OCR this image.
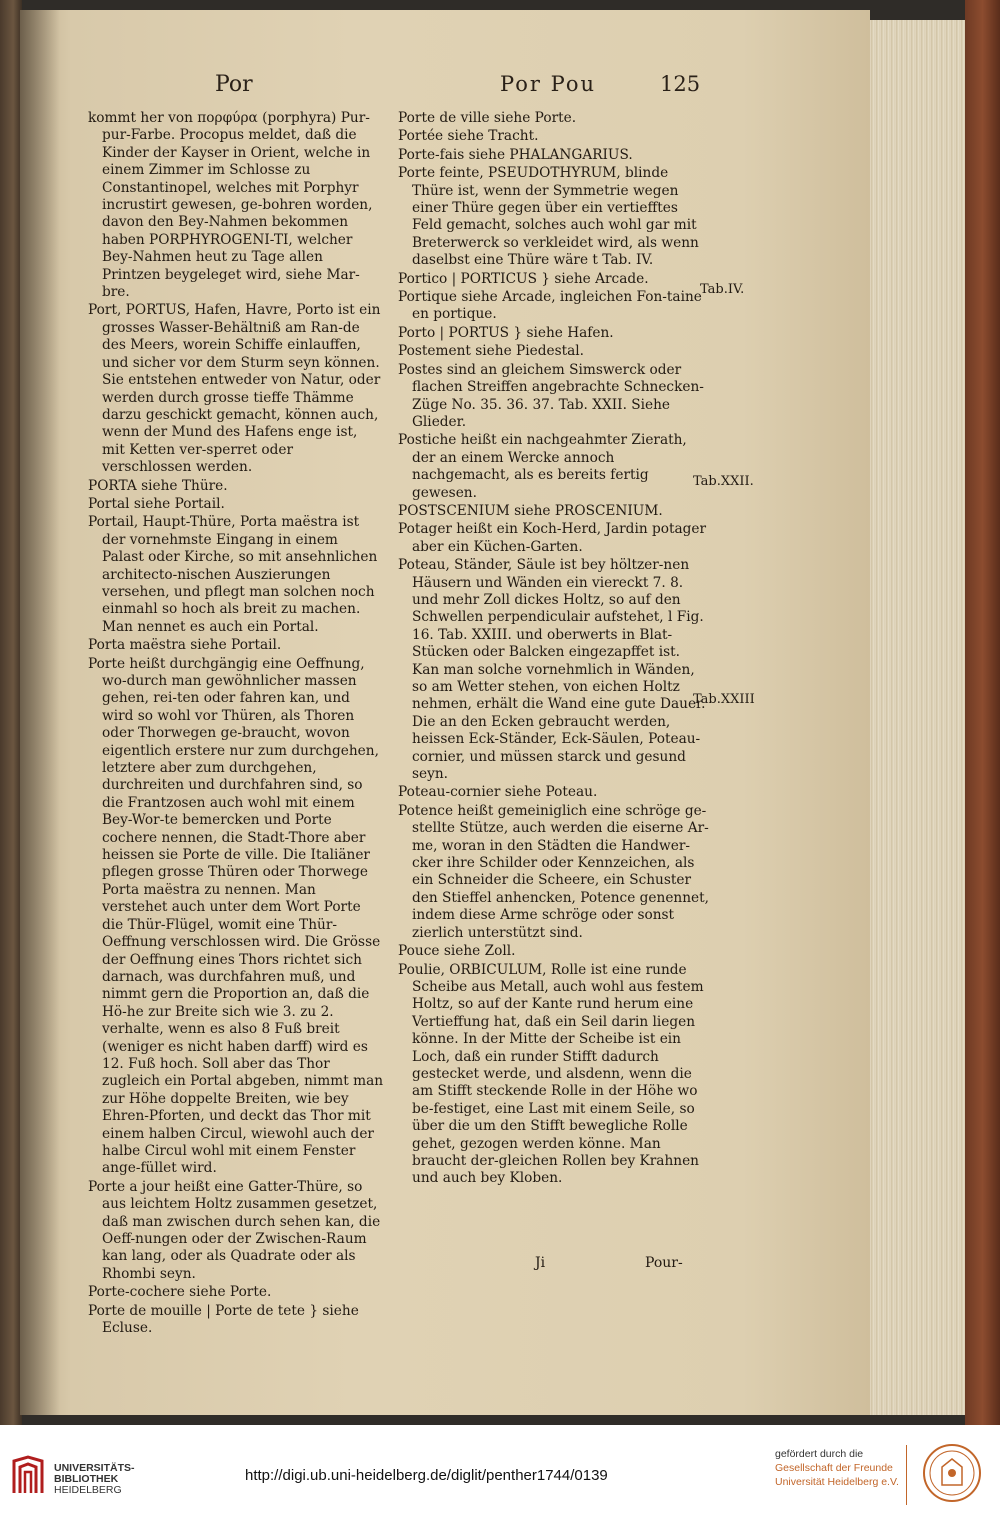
Por	Por Pou	125

kommt her von πορφύρα (porphyra) Pur-pur-Farbe. Procopus meldet, daß die Kinder der Kayser in Orient, welche in einem Zimmer im Schlosse zu Constantinopel, welches mit Porphyr incrustirt gewesen, ge-bohren worden, davon den Bey-Nahmen bekommen haben PORPHYROGENI-TI, welcher Bey-Nahmen heut zu Tage allen Printzen beygeleget wird, siehe Mar-bre.

Port, PORTUS, Hafen, Havre, Porto ist ein grosses Wasser-Behältniß am Ran-de des Meers, worein Schiffe einlauffen, und sicher vor dem Sturm seyn können. Sie entstehen entweder von Natur, oder werden durch grosse tieffe Thämme darzu geschickt gemacht, können auch, wenn der Mund des Hafens enge ist, mit Ketten ver-sperret oder verschlossen werden.

PORTA siehe Thüre.

Portal siehe Portail.

Portail, Haupt-Thüre, Porta maëstra ist der vornehmste Eingang in einem Palast oder Kirche, so mit ansehnlichen architecto-nischen Auszierungen versehen, und pflegt man solchen noch einmahl so hoch als breit zu machen. Man nennet es auch ein Portal.

Porta maëstra siehe Portail.

Porte heißt durchgängig eine Oeffnung, wo-durch man gewöhnlicher massen gehen, rei-ten oder fahren kan, und wird so wohl vor Thüren, als Thoren oder Thorwegen ge-braucht, wovon eigentlich erstere nur zum durchgehen, letztere aber zum durchgehen, durchreiten und durchfahren sind, so die Frantzosen auch wohl mit einem Bey-Wor-te bemercken und Porte cochere nennen, die Stadt-Thore aber heissen sie Porte de ville. Die Italiäner pflegen grosse Thüren oder Thorwege Porta maëstra zu nennen. Man verstehet auch unter dem Wort Porte die Thür-Flügel, womit eine Thür-Oeffnung verschlossen wird. Die Grösse der Oeffnung eines Thors richtet sich darnach, was durchfahren muß, und nimmt gern die Proportion an, daß die Hö-he zur Breite sich wie 3. zu 2. verhalte, wenn es also 8 Fuß breit (weniger es nicht haben darff) wird es 12. Fuß hoch. Soll aber das Thor zugleich ein Portal abgeben, nimmt man zur Höhe doppelte Breiten, wie bey Ehren-Pforten, und deckt das Thor mit einem halben Circul, wiewohl auch der halbe Circul wohl mit einem Fenster ange-füllet wird.

Porte a jour heißt eine Gatter-Thüre, so aus leichtem Holtz zusammen gesetzet, daß man zwischen durch sehen kan, die Oeff-nungen oder der Zwischen-Raum kan lang, oder als Quadrate oder als Rhombi seyn.

Porte-cochere siehe Porte.

Porte de mouille | Porte de tete } siehe Ecluse.

Porte de ville siehe Porte.

Portée siehe Tracht.

Porte-fais siehe PHALANGARIUS.

Porte feinte, PSEUDOTHYRUM, blinde Thüre ist, wenn der Symmetrie wegen einer Thüre gegen über ein vertiefftes Feld gemacht, solches auch wohl gar mit Breterwerck so verkleidet wird, als wenn daselbst eine Thüre wäre t Tab. IV.

Portico | PORTICUS } siehe Arcade.

Portique siehe Arcade, ingleichen Fon-taine en portique.

Porto | PORTUS } siehe Hafen.

Postement siehe Piedestal.

Postes sind an gleichem Simswerck oder flachen Streiffen angebrachte Schnecken-Züge No. 35. 36. 37. Tab. XXII. Siehe Glieder.

Postiche heißt ein nachgeahmter Zierath, der an einem Wercke annoch nachgemacht, als es bereits fertig gewesen.

POSTSCENIUM siehe PROSCENIUM.

Potager heißt ein Koch-Herd, Jardin potager aber ein Küchen-Garten.

Poteau, Ständer, Säule ist bey höltzer-nen Häusern und Wänden ein viereckt 7. 8. und mehr Zoll dickes Holtz, so auf den Schwellen perpendiculair aufstehet, l Fig. 16. Tab. XXIII. und oberwerts in Blat-Stücken oder Balcken eingezapffet ist. Kan man solche vornehmlich in Wänden, so am Wetter stehen, von eichen Holtz nehmen, erhält die Wand eine gute Dauer. Die an den Ecken gebraucht werden, heissen Eck-Ständer, Eck-Säulen, Poteau-cornier, und müssen starck und gesund seyn.

Poteau-cornier siehe Poteau.

Potence heißt gemeiniglich eine schröge ge-stellte Stütze, auch werden die eiserne Ar-me, woran in den Städten die Handwer-cker ihre Schilder oder Kennzeichen, als ein Schneider die Scheere, ein Schuster den Stieffel anhencken, Potence genennet, indem diese Arme schröge oder sonst zierlich unterstützt sind.

Pouce siehe Zoll.

Poulie, ORBICULUM, Rolle ist eine runde Scheibe aus Metall, auch wohl aus festem Holtz, so auf der Kante rund herum eine Vertieffung hat, daß ein Seil darin liegen könne. In der Mitte der Scheibe ist ein Loch, daß ein runder Stifft dadurch gestecket werde, und alsdenn, wenn die am Stifft steckende Rolle in der Höhe wo be-festiget, eine Last mit einem Seile, so über die um den Stifft bewegliche Rolle gehet, gezogen werden könne. Man braucht der-gleichen Rollen bey Krahnen und auch bey Kloben.

Tab.IV.
Tab.XXII.
Tab.XXIII
Ji	Pour-
UNIVERSITÄTS-
BIBLIOTHEK
HEIDELBERG
http://digi.ub.uni-heidelberg.de/diglit/penther1744/0139
gefördert durch die
Gesellschaft der Freunde
Universität Heidelberg e.V.
